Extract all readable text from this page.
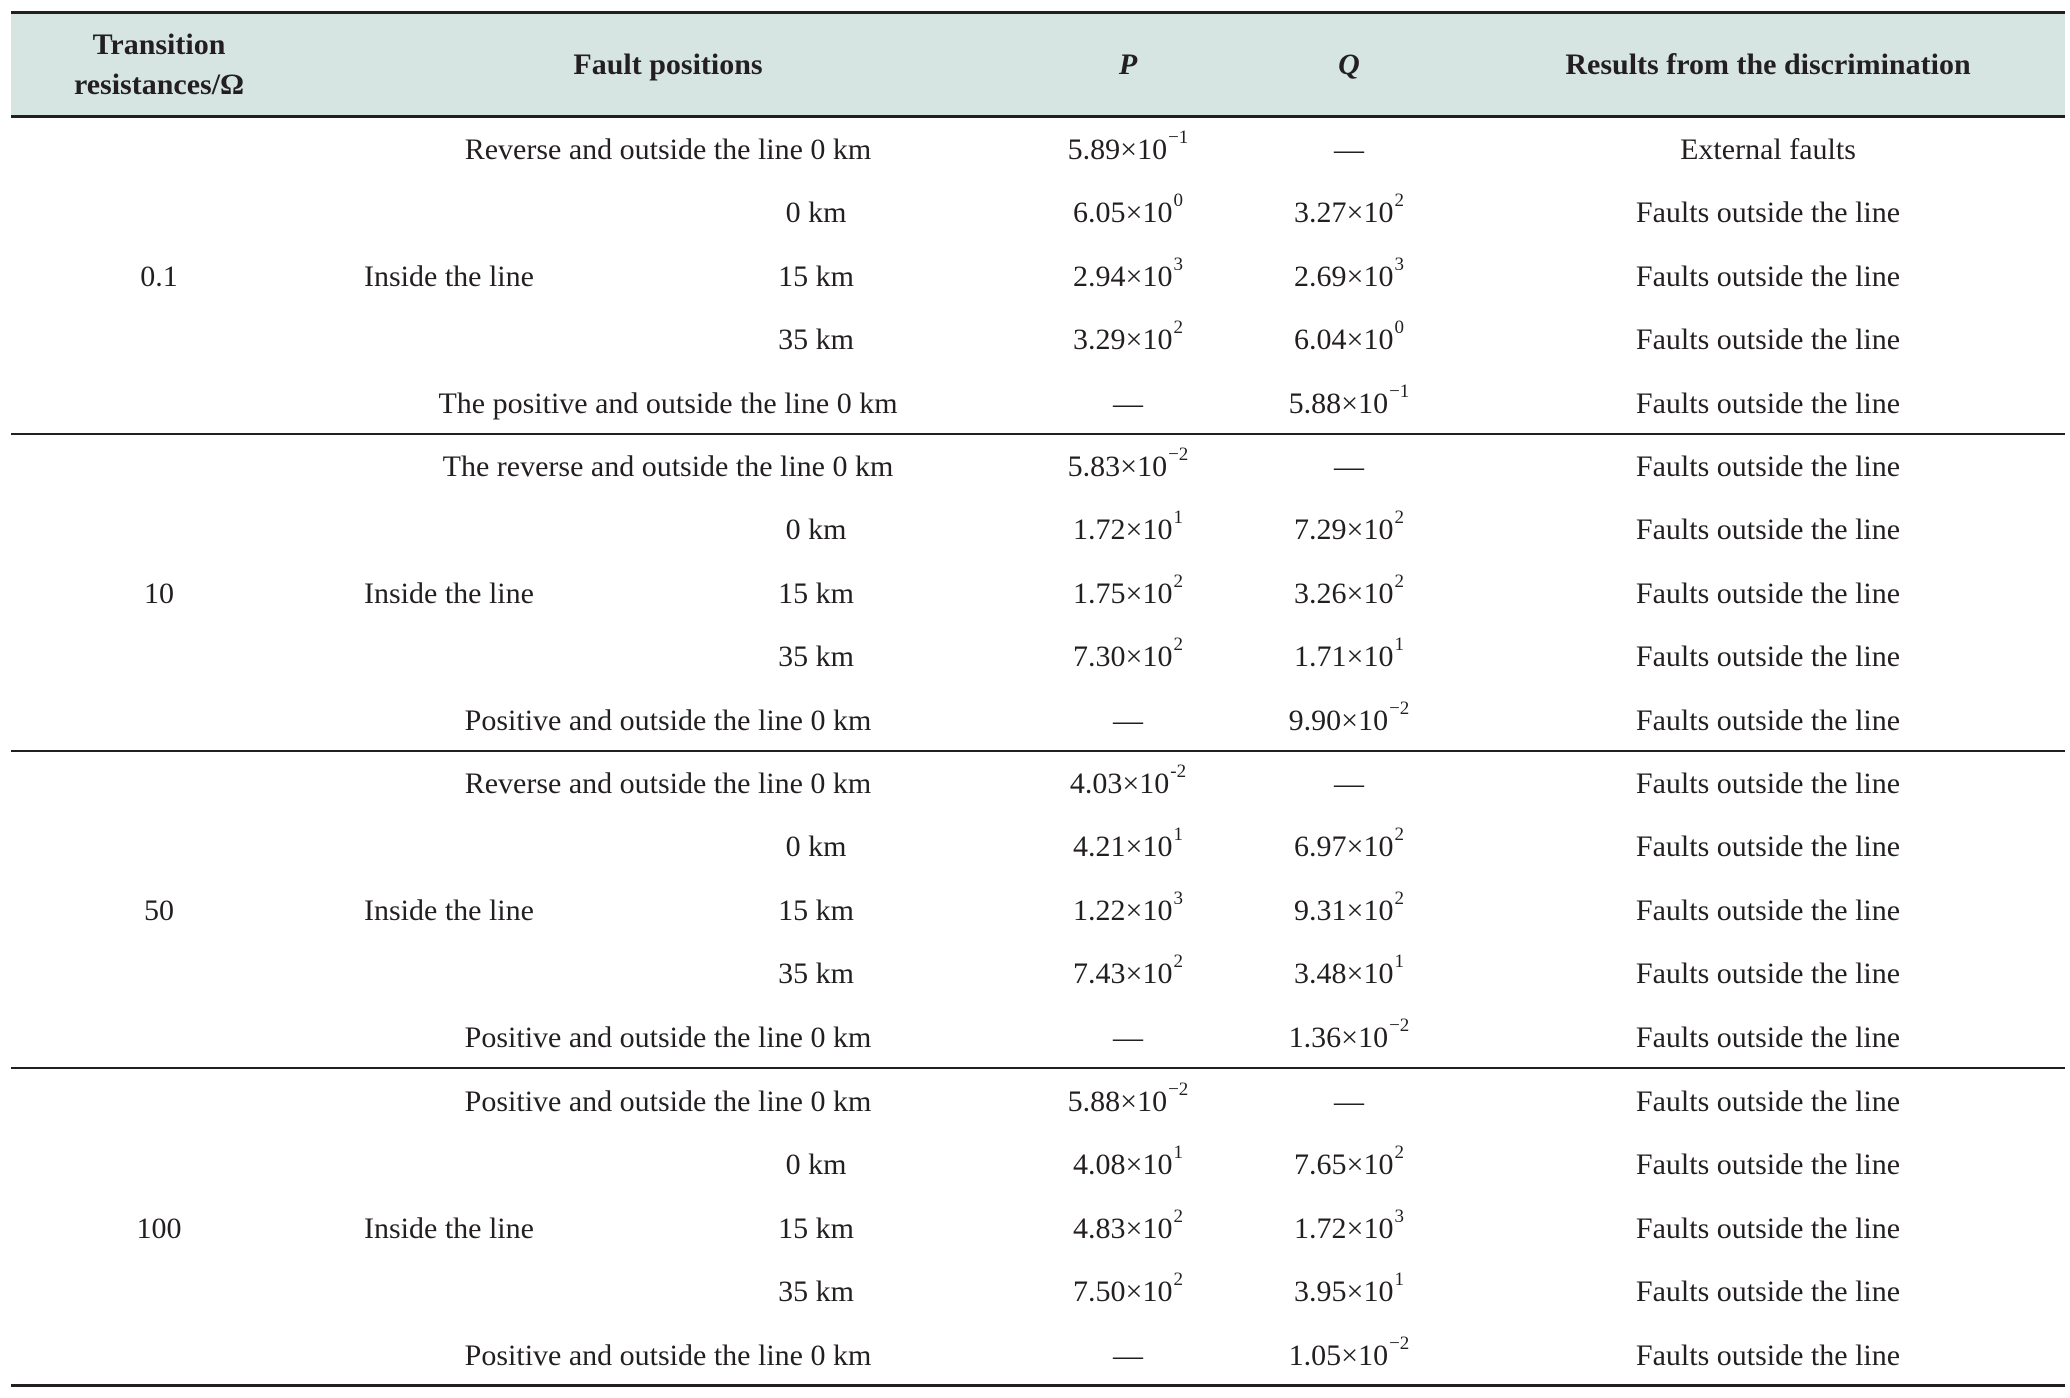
Transition
resistances/Ω
Fault positions	P	Q	Results from the discrimination
0.1
Reverse and outside the line 0 km	5.89×10 −1	—	External faults
Inside the line
0 km	6.05×10 0	3.27×10 2	Faults outside the line
15 km	2.94×10 3	2.69×10 3	Faults outside the line
35 km	3.29×10 2	6.04×10 0	Faults outside the line
The positive and outside the line 0 km	—	5.88×10 −1	Faults outside the line
10
The reverse and outside the line 0 km	5.83×10 −2	—	Faults outside the line
Inside the line
0 km	1.72×10 1	7.29×10 2	Faults outside the line
15 km	1.75×10 2	3.26×10 2	Faults outside the line
35 km	7.30×10 2	1.71×10 1	Faults outside the line
Positive and outside the line 0 km	—	9.90×10 −2	Faults outside the line
50
Reverse and outside the line 0 km	4.03×10 -2	—	Faults outside the line
Inside the line
0 km	4.21×10 1	6.97×10 2	Faults outside the line
15 km	1.22×10 3	9.31×10 2	Faults outside the line
35 km	7.43×10 2	3.48×10 1	Faults outside the line
Positive and outside the line 0 km	—	1.36×10 −2	Faults outside the line
100
Positive and outside the line 0 km	5.88×10 −2	—	Faults outside the line
Inside the line
0 km	4.08×10 1	7.65×10 2	Faults outside the line
15 km	4.83×10 2	1.72×10 3	Faults outside the line
35 km	7.50×10 2	3.95×10 1	Faults outside the line
Positive and outside the line 0 km	—	1.05×10 −2	Faults outside the line
